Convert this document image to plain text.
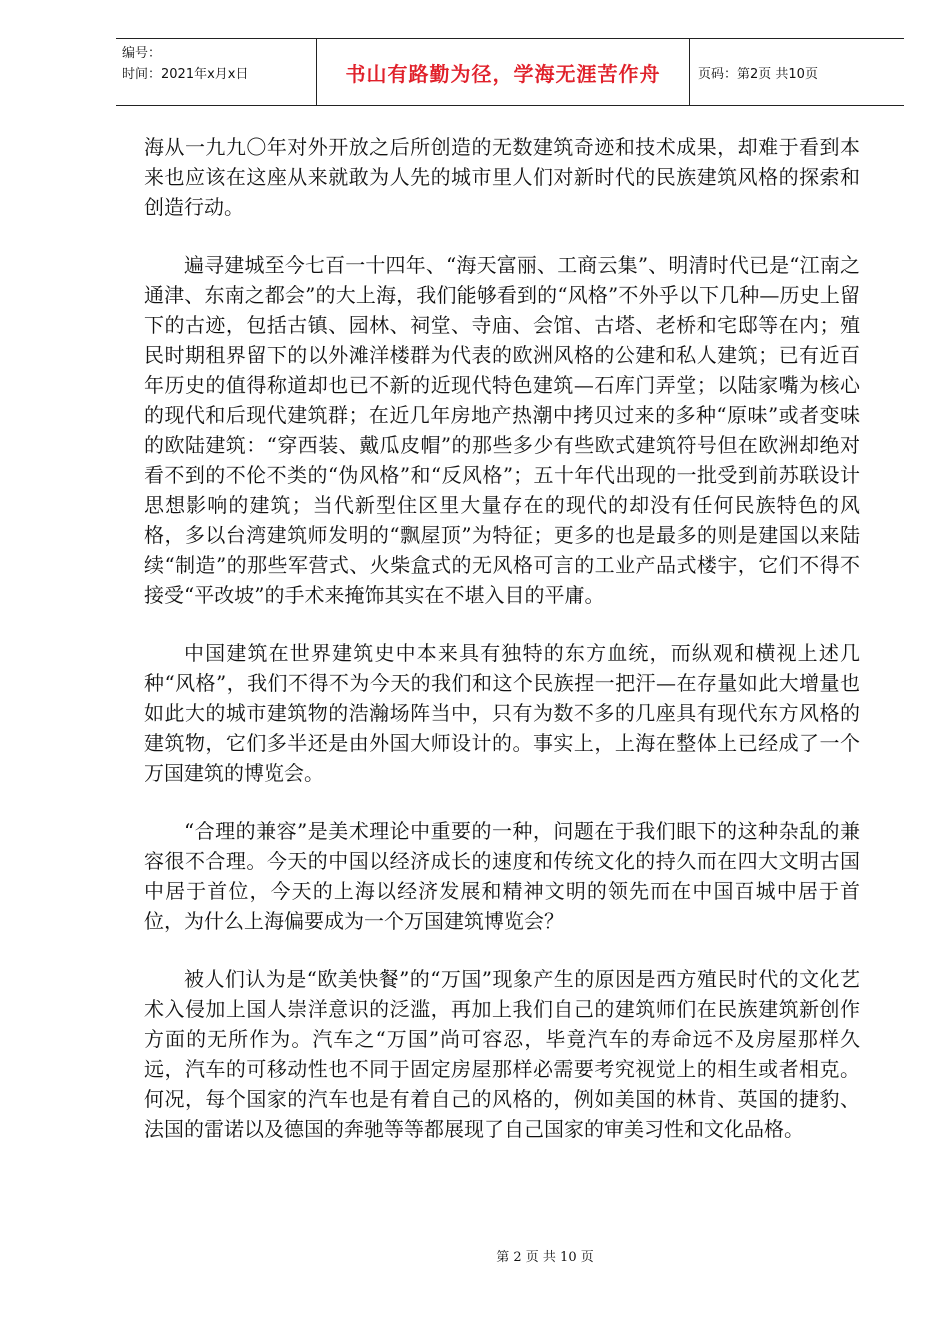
编号：
时间：2021年x月x日	书山有路勤为径，学海无涯苦作舟	页码：第2页 共10页

海从一九九〇年对外开放之后所创造的无数建筑奇迹和技术成果，却难于看到本来也应该在这座从来就敢为人先的城市里人们对新时代的民族建筑风格的探索和创造行动。

遍寻建城至今七百一十四年、“海天富丽、工商云集”、明清时代已是“江南之通津、东南之都会”的大上海，我们能够看到的“风格”不外乎以下几种—历史上留下的古迹，包括古镇、园林、祠堂、寺庙、会馆、古塔、老桥和宅邸等在内；殖民时期租界留下的以外滩洋楼群为代表的欧洲风格的公建和私人建筑；已有近百年历史的值得称道却也已不新的近现代特色建筑—石库门弄堂；以陆家嘴为核心的现代和后现代建筑群；在近几年房地产热潮中拷贝过来的多种“原味”或者变味的欧陆建筑：“穿西装、戴瓜皮帽”的那些多少有些欧式建筑符号但在欧洲却绝对看不到的不伦不类的“伪风格”和“反风格”；五十年代出现的一批受到前苏联设计思想影响的建筑；当代新型住区里大量存在的现代的却没有任何民族特色的风格，多以台湾建筑师发明的“飘屋顶”为特征；更多的也是最多的则是建国以来陆续“制造”的那些军营式、火柴盒式的无风格可言的工业产品式楼宇，它们不得不接受“平改坡”的手术来掩饰其实在不堪入目的平庸。

中国建筑在世界建筑史中本来具有独特的东方血统，而纵观和横视上述几种“风格”，我们不得不为今天的我们和这个民族捏一把汗—在存量如此大增量也如此大的城市建筑物的浩瀚场阵当中，只有为数不多的几座具有现代东方风格的建筑物，它们多半还是由外国大师设计的。事实上，上海在整体上已经成了一个万国建筑的博览会。

“合理的兼容”是美术理论中重要的一种，问题在于我们眼下的这种杂乱的兼容很不合理。今天的中国以经济成长的速度和传统文化的持久而在四大文明古国中居于首位，今天的上海以经济发展和精神文明的领先而在中国百城中居于首位，为什么上海偏要成为一个万国建筑博览会？

被人们认为是“欧美快餐”的“万国”现象产生的原因是西方殖民时代的文化艺术入侵加上国人崇洋意识的泛滥，再加上我们自己的建筑师们在民族建筑新创作方面的无所作为。汽车之“万国”尚可容忍，毕竟汽车的寿命远不及房屋那样久远，汽车的可移动性也不同于固定房屋那样必需要考究视觉上的相生或者相克。何况，每个国家的汽车也是有着自己的风格的，例如美国的林肯、英国的捷豹、法国的雷诺以及德国的奔驰等等都展现了自己国家的审美习性和文化品格。

第 2 页 共 10 页
